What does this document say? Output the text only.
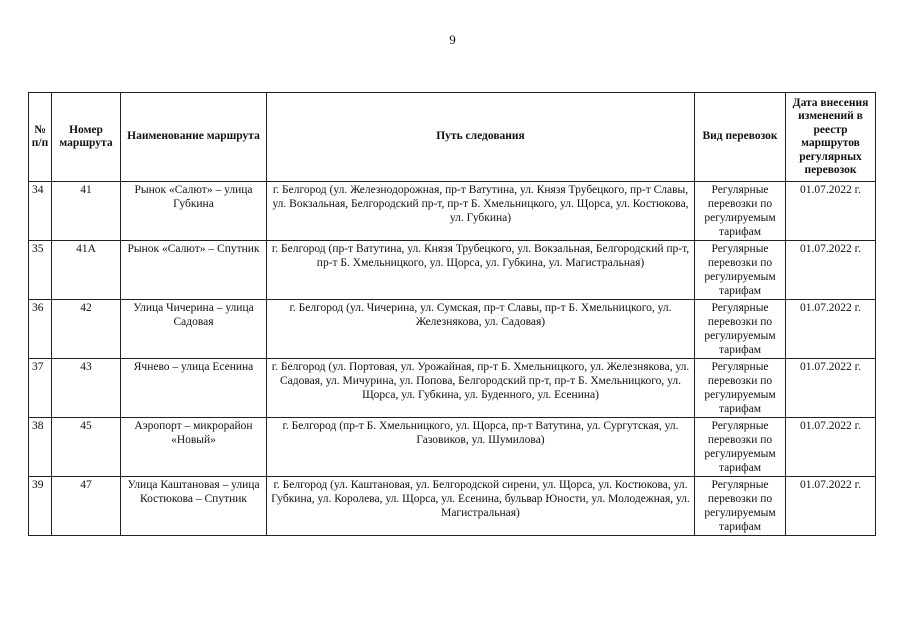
9
№ п/п	Номер маршрута	Наименование маршрута	Путь следования	Вид перевозок	Дата внесения изменений в реестр маршрутов регулярных перевозок
34	41	Рынок «Салют» – улица Губкина	г. Белгород (ул. Железнодорожная, пр-т Ватутина, ул. Князя Трубецкого, пр-т Славы, ул. Вокзальная, Белгородский пр-т, пр-т Б. Хмельницкого, ул. Щорса, ул. Костюкова, ул. Губкина)	Регулярные перевозки по регулируемым тарифам	01.07.2022 г.
35	41А	Рынок «Салют» – Спутник	г. Белгород (пр-т Ватутина, ул. Князя Трубецкого, ул. Вокзальная, Белгородский пр-т, пр-т Б. Хмельницкого, ул. Щорса, ул. Губкина, ул. Магистральная)	Регулярные перевозки по регулируемым тарифам	01.07.2022 г.
36	42	Улица Чичерина – улица Садовая	г. Белгород (ул. Чичерина, ул. Сумская, пр-т Славы, пр-т Б. Хмельницкого, ул. Железнякова, ул. Садовая)	Регулярные перевозки по регулируемым тарифам	01.07.2022 г.
37	43	Ячнево – улица Есенина	г. Белгород (ул. Портовая, ул. Урожайная, пр-т Б. Хмельницкого, ул. Железнякова, ул. Садовая, ул. Мичурина, ул. Попова, Белгородский пр-т, пр-т Б. Хмельницкого, ул. Щорса, ул. Губкина, ул. Буденного, ул. Есенина)	Регулярные перевозки по регулируемым тарифам	01.07.2022 г.
38	45	Аэропорт – микрорайон «Новый»	г. Белгород (пр-т Б. Хмельницкого, ул. Щорса, пр-т Ватутина, ул. Сургутская, ул. Газовиков, ул. Шумилова)	Регулярные перевозки по регулируемым тарифам	01.07.2022 г.
39	47	Улица Каштановая – улица Костюкова – Спутник	г. Белгород (ул. Каштановая, ул. Белгородской сирени, ул. Щорса, ул. Костюкова, ул. Губкина, ул. Королева, ул. Щорса, ул. Есенина, бульвар Юности, ул. Молодежная, ул. Магистральная)	Регулярные перевозки по регулируемым тарифам	01.07.2022 г.
